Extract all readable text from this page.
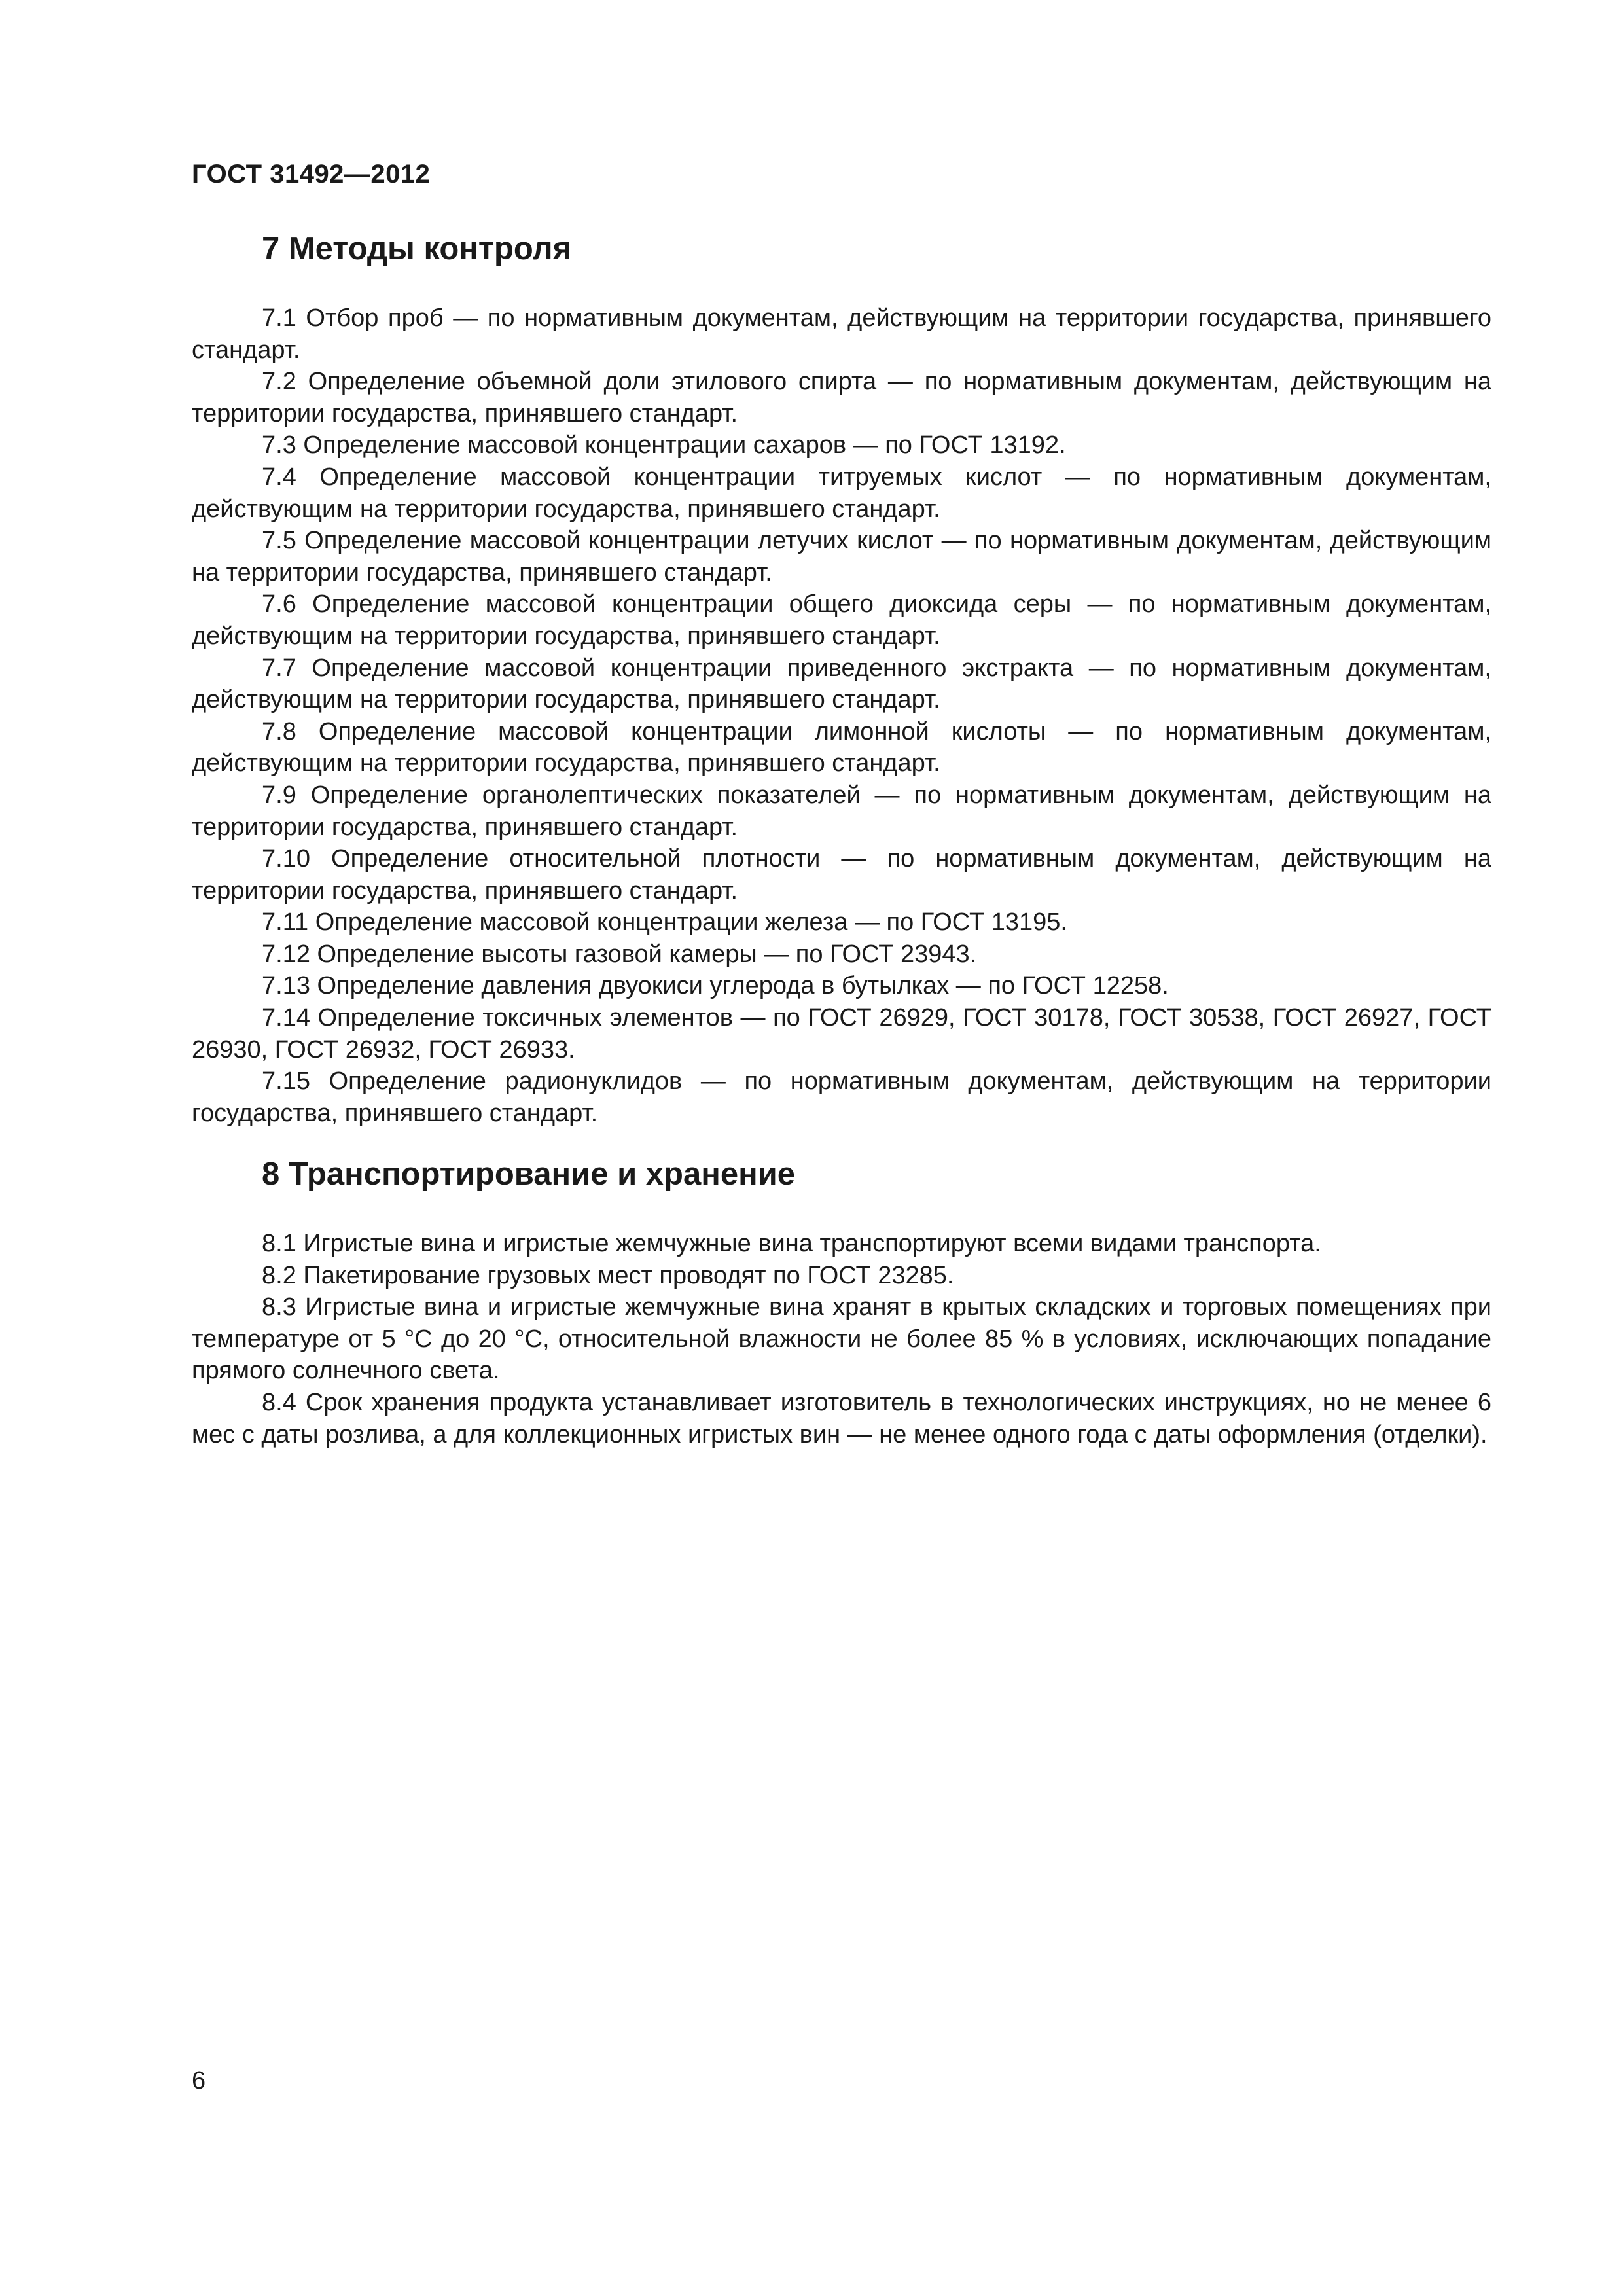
ГОСТ 31492—2012
7 Методы контроля

7.1 Отбор проб — по нормативным документам, действующим на территории государства, принявшего стандарт.

7.2 Определение объемной доли этилового спирта — по нормативным документам, действующим на территории государства, принявшего стандарт.

7.3 Определение массовой концентрации сахаров — по ГОСТ 13192.

7.4 Определение массовой концентрации титруемых кислот — по нормативным документам, действующим на территории государства, принявшего стандарт.

7.5 Определение массовой концентрации летучих кислот — по нормативным документам, действующим на территории государства, принявшего стандарт.

7.6 Определение массовой концентрации общего диоксида серы — по нормативным документам, действующим на территории государства, принявшего стандарт.

7.7 Определение массовой концентрации приведенного экстракта — по нормативным документам, действующим на территории государства, принявшего стандарт.

7.8 Определение массовой концентрации лимонной кислоты — по нормативным документам, действующим на территории государства, принявшего стандарт.

7.9 Определение органолептических показателей — по нормативным документам, действующим на территории государства, принявшего стандарт.

7.10 Определение относительной плотности — по нормативным документам, действующим на территории государства, принявшего стандарт.

7.11 Определение массовой концентрации железа — по ГОСТ 13195.

7.12 Определение высоты газовой камеры — по ГОСТ 23943.

7.13 Определение давления двуокиси углерода в бутылках — по ГОСТ 12258.

7.14 Определение токсичных элементов — по ГОСТ 26929, ГОСТ 30178, ГОСТ 30538, ГОСТ 26927, ГОСТ 26930, ГОСТ 26932, ГОСТ 26933.

7.15 Определение радионуклидов — по нормативным документам, действующим на территории государства, принявшего стандарт.

8 Транспортирование и хранение

8.1 Игристые вина и игристые жемчужные вина транспортируют всеми видами транспорта.

8.2 Пакетирование грузовых мест проводят по ГОСТ 23285.

8.3 Игристые вина и игристые жемчужные вина хранят в крытых складских и торговых помещениях при температуре от 5 °С до 20 °С, относительной влажности не более 85 % в условиях, исключающих попадание прямого солнечного света.

8.4 Срок хранения продукта устанавливает изготовитель в технологических инструкциях, но не менее 6 мес с даты розлива, а для коллекционных игристых вин — не менее одного года с даты оформления (отделки).

6
